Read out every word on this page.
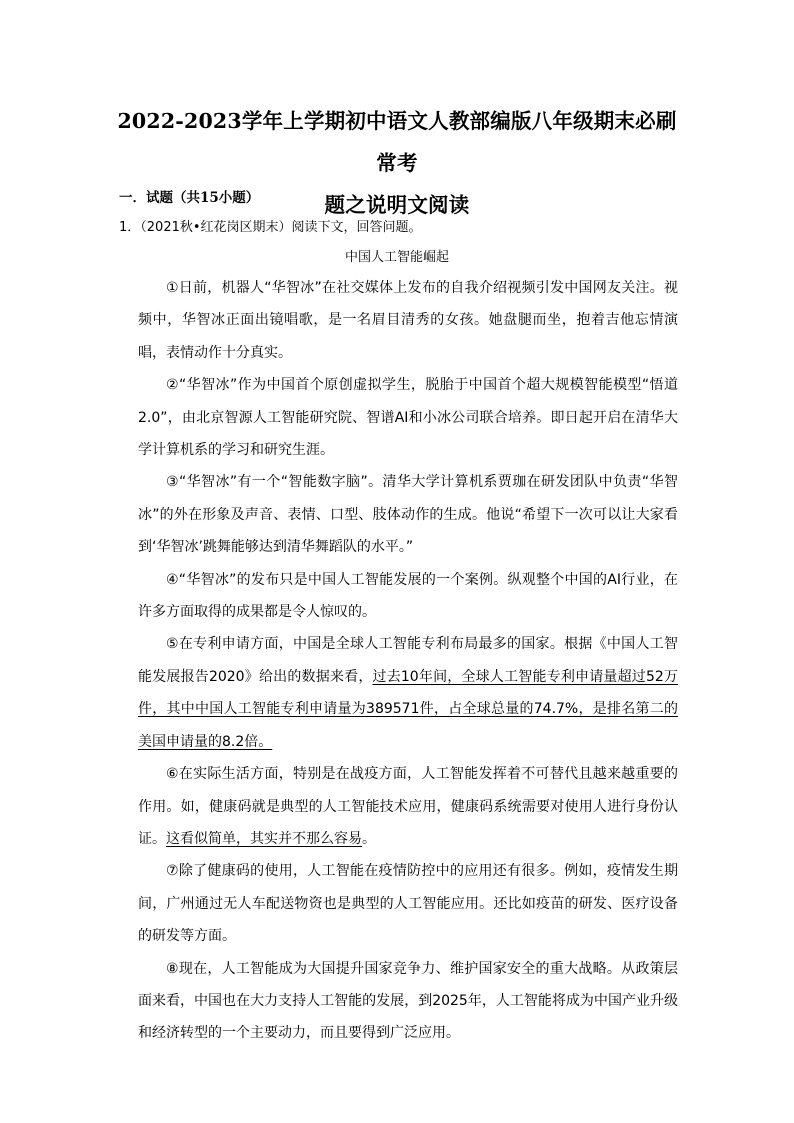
2022-2023学年上学期初中语文人教部编版八年级期末必刷常考
题之说明文阅读

一．试题（共15小题）

1．（2021秋•红花岗区期末）阅读下文，回答问题。

中国人工智能崛起

①日前，机器人“华智冰”在社交媒体上发布的自我介绍视频引发中国网友关注。视频中，华智冰正面出镜唱歌，是一名眉目清秀的女孩。她盘腿而坐，抱着吉他忘情演唱，表情动作十分真实。

②“华智冰”作为中国首个原创虚拟学生，脱胎于中国首个超大规模智能模型“悟道2.0”，由北京智源人工智能研究院、智谱AI和小冰公司联合培养。即日起开启在清华大学计算机系的学习和研究生涯。

③“华智冰”有一个“智能数字脑”。清华大学计算机系贾珈在研发团队中负责“华智冰”的外在形象及声音、表情、口型、肢体动作的生成。他说“希望下一次可以让大家看到‘华智冰’跳舞能够达到清华舞蹈队的水平。”

④“华智冰”的发布只是中国人工智能发展的一个案例。纵观整个中国的AI行业，在许多方面取得的成果都是令人惊叹的。

⑤在专利申请方面，中国是全球人工智能专利布局最多的国家。根据《中国人工智能发展报告2020》给出的数据来看，过去10年间，全球人工智能专利申请量超过52万件，其中中国人工智能专利申请量为389571件，占全球总量的74.7%，是排名第二的美国申请量的8.2倍。

⑥在实际生活方面，特别是在战疫方面，人工智能发挥着不可替代且越来越重要的作用。如，健康码就是典型的人工智能技术应用，健康码系统需要对使用人进行身份认证。这看似简单，其实并不那么容易。

⑦除了健康码的使用，人工智能在疫情防控中的应用还有很多。例如，疫情发生期间，广州通过无人车配送物资也是典型的人工智能应用。还比如疫苗的研发、医疗设备的研发等方面。

⑧现在，人工智能成为大国提升国家竞争力、维护国家安全的重大战略。从政策层面来看，中国也在大力支持人工智能的发展，到2025年，人工智能将成为中国产业升级和经济转型的一个主要动力，而且要得到广泛应用。
